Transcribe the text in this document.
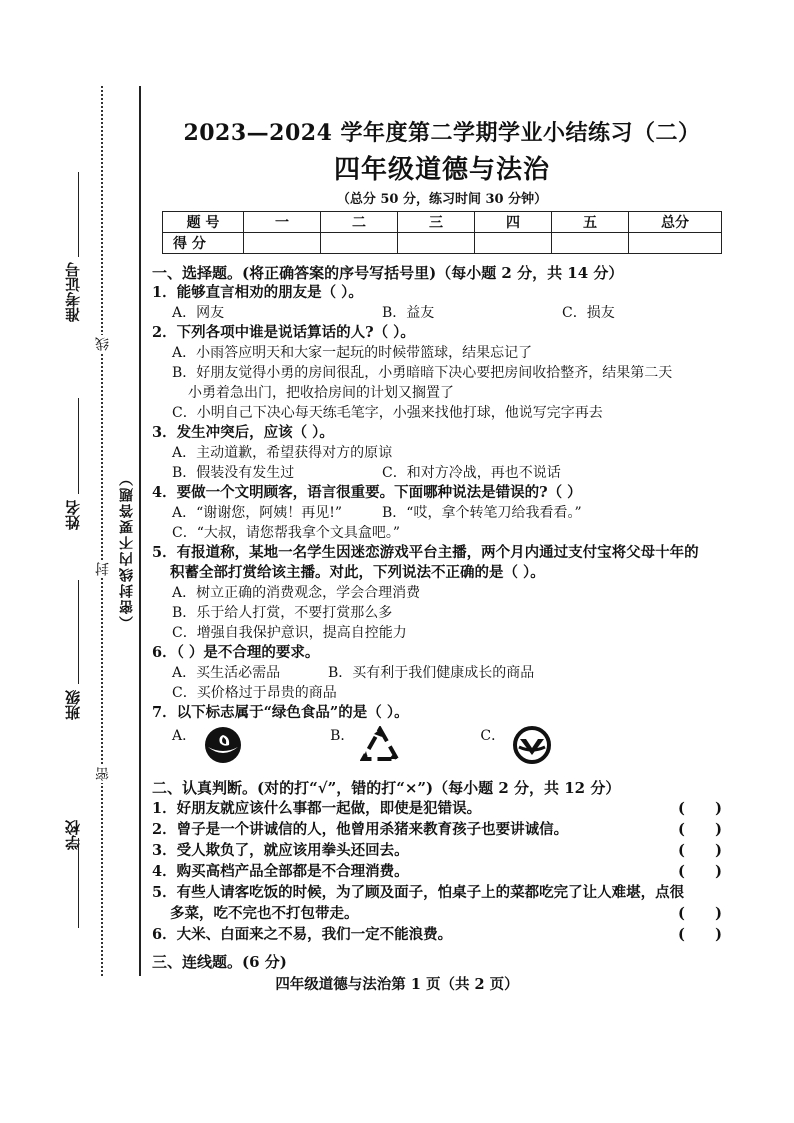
准考证号
姓名
班级
学校
线
封
密
（密封线内不要答题）
2023—2024 学年度第二学期学业小结练习（二）
四年级道德与法治
（总分 50 分，练习时间 30 分钟）
题 号	一	二	三	四	五	总分
得 分						
一、选择题。(将正确答案的序号写括号里)（每小题 2 分，共 14 分）
1．能够直言相劝的朋友是（ ）。
A．网友	B．益友	C．损友
2．下列各项中谁是说话算话的人?（ ）。
A．小雨答应明天和大家一起玩的时候带篮球，结果忘记了
B．好朋友觉得小勇的房间很乱，小勇暗暗下决心要把房间收拾整齐，结果第二天
小勇着急出门，把收拾房间的计划又搁置了
C．小明自己下决心每天练毛笔字，小强来找他打球，他说写完字再去
3．发生冲突后，应该（ ）。
A．主动道歉，希望获得对方的原谅
B．假装没有发生过	C．和对方冷战，再也不说话
4．要做一个文明顾客，语言很重要。下面哪种说法是错误的?（ ）
A．“谢谢您，阿姨！再见!”	B．“哎，拿个转笔刀给我看看。”
C．“大叔，请您帮我拿个文具盒吧。”
5．有报道称，某地一名学生因迷恋游戏平台主播，两个月内通过支付宝将父母十年的
积蓄全部打赏给该主播。对此，下列说法不正确的是（ ）。
A．树立正确的消费观念，学会合理消费
B．乐于给人打赏，不要打赏那么多
C．增强自我保护意识，提高自控能力
6．（ ）是不合理的要求。
A．买生活必需品	B．买有利于我们健康成长的商品
C．买价格过于昂贵的商品
7．以下标志属于“绿色食品”的是（ ）。
A．	B．	C．
二、认真判断。(对的打“√”，错的打“×”)（每小题 2 分，共 12 分）
1．好朋友就应该什么事都一起做，即使是犯错误。	( )
2．曾子是一个讲诚信的人，他曾用杀猪来教育孩子也要讲诚信。	( )
3．受人欺负了，就应该用拳头还回去。	( )
4．购买高档产品全部都是不合理消费。	( )
5．有些人请客吃饭的时候，为了顾及面子，怕桌子上的菜都吃完了让人难堪，点很
多菜，吃不完也不打包带走。	( )
6．大米、白面来之不易，我们一定不能浪费。	( )
三、连线题。(6 分)
四年级道德与法治第 1 页（共 2 页）
